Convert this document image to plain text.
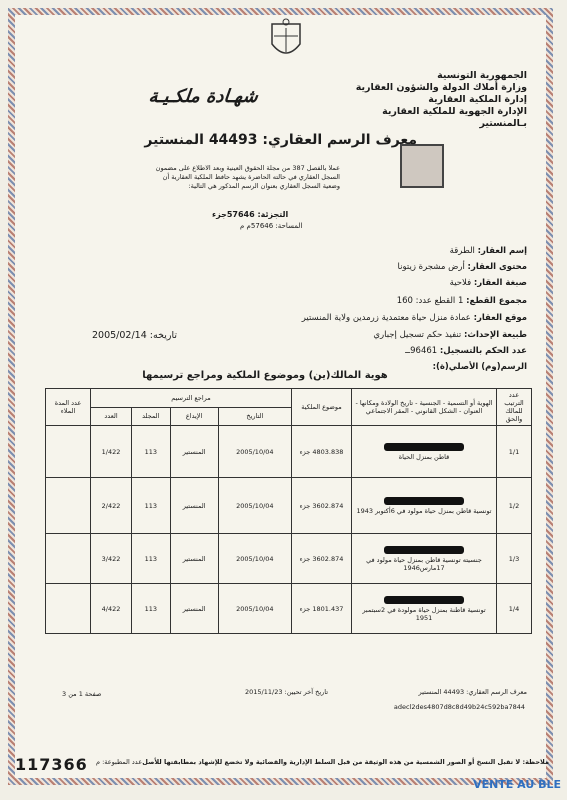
الجمهورية التونسية
وزارة أملاك الدولة والشؤون العقارية
إدارة الملكية العقارية
الإدارة الجهوية للملكية العقارية
بـالمنستير
شهـادة ملكـيـة
معرف الرسم العقاري: 44493 المنستير
عملا بالفصل 387 من مجلة الحقوق العينية وبعد الاطلاع على مضمون السجل العقاري في حالته الحاضرة يشهد حافظ الملكية العقارية أن وضعية السجل العقاري بعنوان الرسم المذكور هي التالية:
التجزئة: 57646جزء
المساحة: 57646م م
إسم العقار: الطرقة
محتوى العقار: أرض مشجرة زيتونا
صبغة العقار: فلاحية
مجموع القطع: 1 القطع عدد: 160
موقع العقار: عمادة منزل حياة معتمدية زرمدين ولاية المنستير
طبيعة الإحداث: تنفيذ حكم تسجيل إجباري
عدد الحكم بالتسجيل: 96461ــ
تاريخه: 2005/02/14
الرسم(وم) الأصلي(ة):
هوية المالك(ين) وموضوع الملكية ومراجع ترسيمها
عدد الترتيب للمالك والحق	الهوية أو التسمية - الجنسية - تاريخ الولادة ومكانها - العنوان - الشكل القانوني - المقر الاجتماعي	موضوع الملكية	مراجع الترسيم				عدد المدة الملاء
			التاريخ	الإيداع	المجلد	العدد	
1/1	قاطن بمنزل الحياة	4803.838 جزء	2005/10/04	المنستير	113	1/422	
1/2	تونسية قاطن بمنزل حياة مولود في 6أكتوبر 1943	3602.874 جزء	2005/10/04	المنستير	113	2/422	
1/3	جنسيته تونسية قاطن بمنزل حياة مولود في 17مارس1946	3602.874 جزء	2005/10/04	المنستير	113	3/422	
1/4	تونسية قاطنة بمنزل حياة مولودة في 2سبتمبر 1951	1801.437 جزء	2005/10/04	المنستير	113	4/422	
معرف الرسم العقاري: 44493 المنستير
تاريخ آخر تحيين: 2015/11/23
صفحة 1 من 3
adecl2des4807d8c8d49b24c592ba7844
ملاحظة: لا تقبل النسخ أو الصور الشمسية من هذه الوثيقة من قبل السلط الإدارية والقضائية ولا تخضع للإشهاد بمطابقتها للأصل
عدد المطبوعة: م
117366
VENTE AU BLE
